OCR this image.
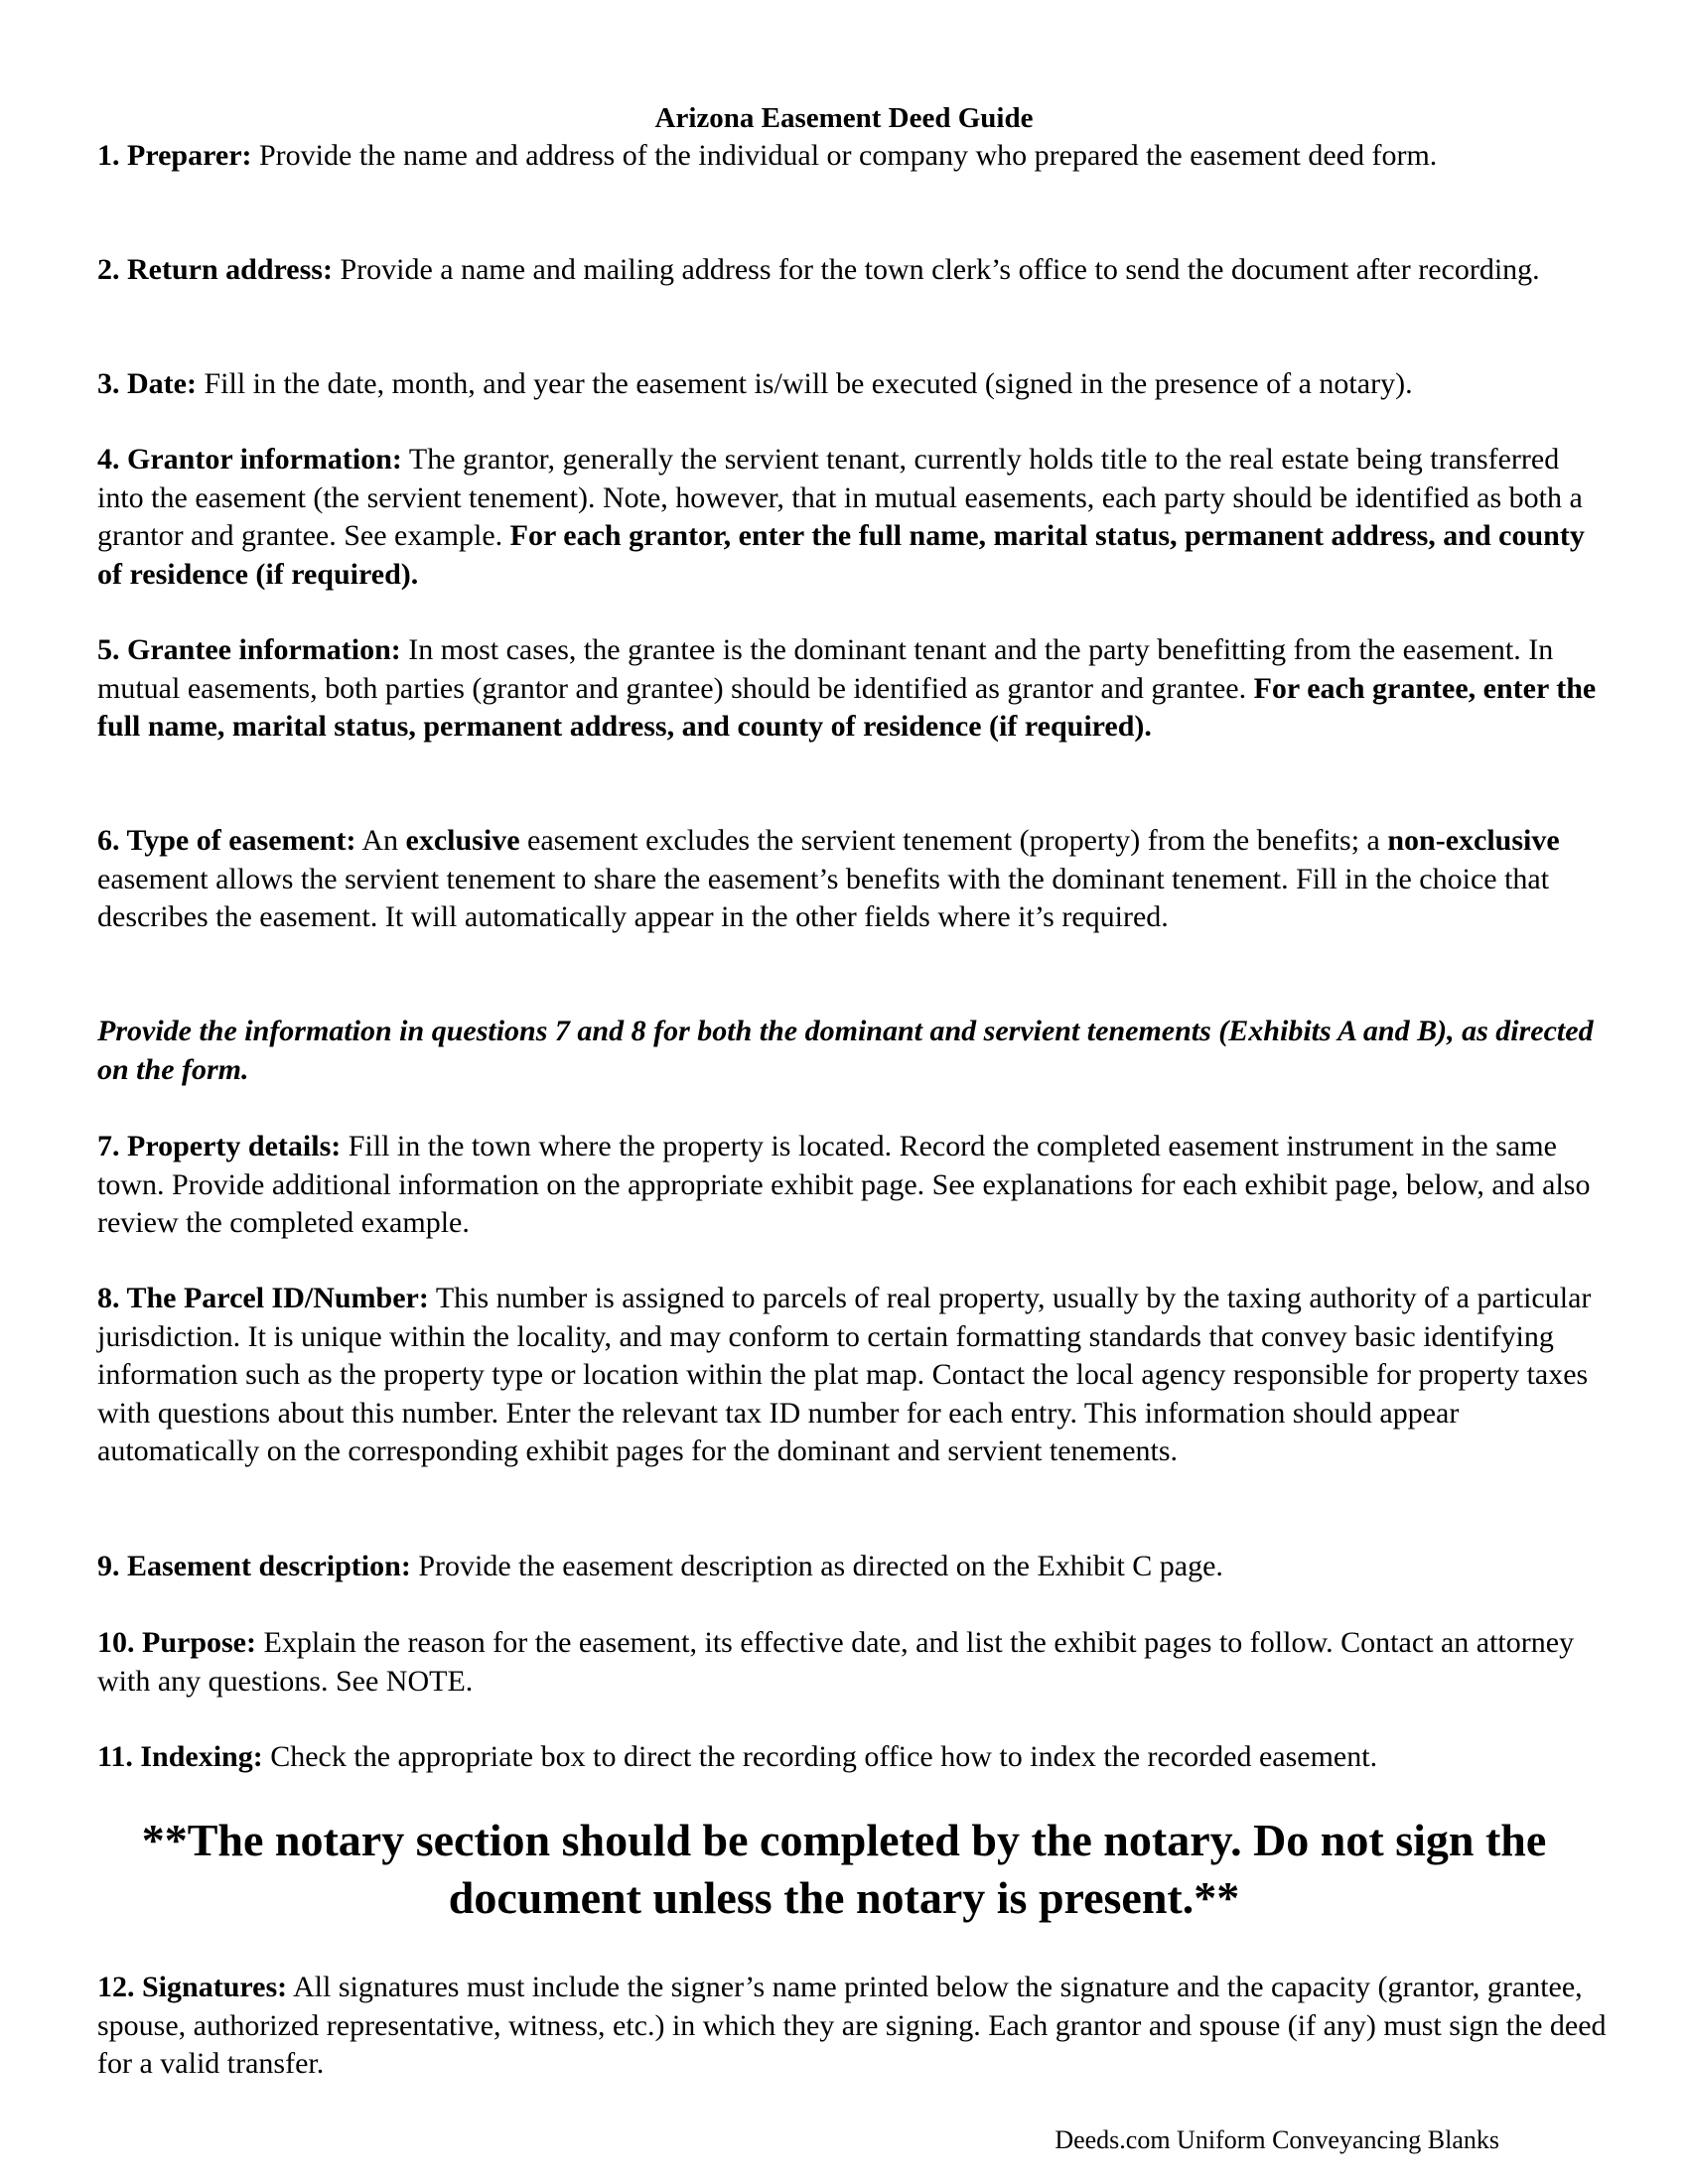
Arizona Easement Deed Guide
1. Preparer: Provide the name and address of the individual or company who prepared the easement deed form.
2. Return address: Provide a name and mailing address for the town clerk’s office to send the document after recording.
3. Date: Fill in the date, month, and year the easement is/will be executed (signed in the presence of a notary).
4. Grantor information: The grantor, generally the servient tenant, currently holds title to the real estate being transferred into the easement (the servient tenement). Note, however, that in mutual easements, each party should be identified as both a grantor and grantee. See example. For each grantor, enter the full name, marital status, permanent address, and county of residence (if required).
5. Grantee information: In most cases, the grantee is the dominant tenant and the party benefitting from the easement. In mutual easements, both parties (grantor and grantee) should be identified as grantor and grantee. For each grantee, enter the full name, marital status, permanent address, and county of residence (if required).
6. Type of easement: An exclusive easement excludes the servient tenement (property) from the benefits; a non-exclusive easement allows the servient tenement to share the easement’s benefits with the dominant tenement. Fill in the choice that describes the easement. It will automatically appear in the other fields where it’s required.
Provide the information in questions 7 and 8 for both the dominant and servient tenements (Exhibits A and B), as directed on the form.
7. Property details: Fill in the town where the property is located. Record the completed easement instrument in the same town. Provide additional information on the appropriate exhibit page. See explanations for each exhibit page, below, and also review the completed example.
8. The Parcel ID/Number: This number is assigned to parcels of real property, usually by the taxing authority of a particular jurisdiction. It is unique within the locality, and may conform to certain formatting standards that convey basic identifying information such as the property type or location within the plat map. Contact the local agency responsible for property taxes with questions about this number. Enter the relevant tax ID number for each entry. This information should appear automatically on the corresponding exhibit pages for the dominant and servient tenements.
9. Easement description: Provide the easement description as directed on the Exhibit C page.
10. Purpose: Explain the reason for the easement, its effective date, and list the exhibit pages to follow. Contact an attorney with any questions. See NOTE.
11. Indexing: Check the appropriate box to direct the recording office how to index the recorded easement.
**The notary section should be completed by the notary. Do not sign the document unless the notary is present.**
12. Signatures: All signatures must include the signer’s name printed below the signature and the capacity (grantor, grantee, spouse, authorized representative, witness, etc.) in which they are signing. Each grantor and spouse (if any) must sign the deed for a valid transfer.
Deeds.com Uniform Conveyancing Blanks
